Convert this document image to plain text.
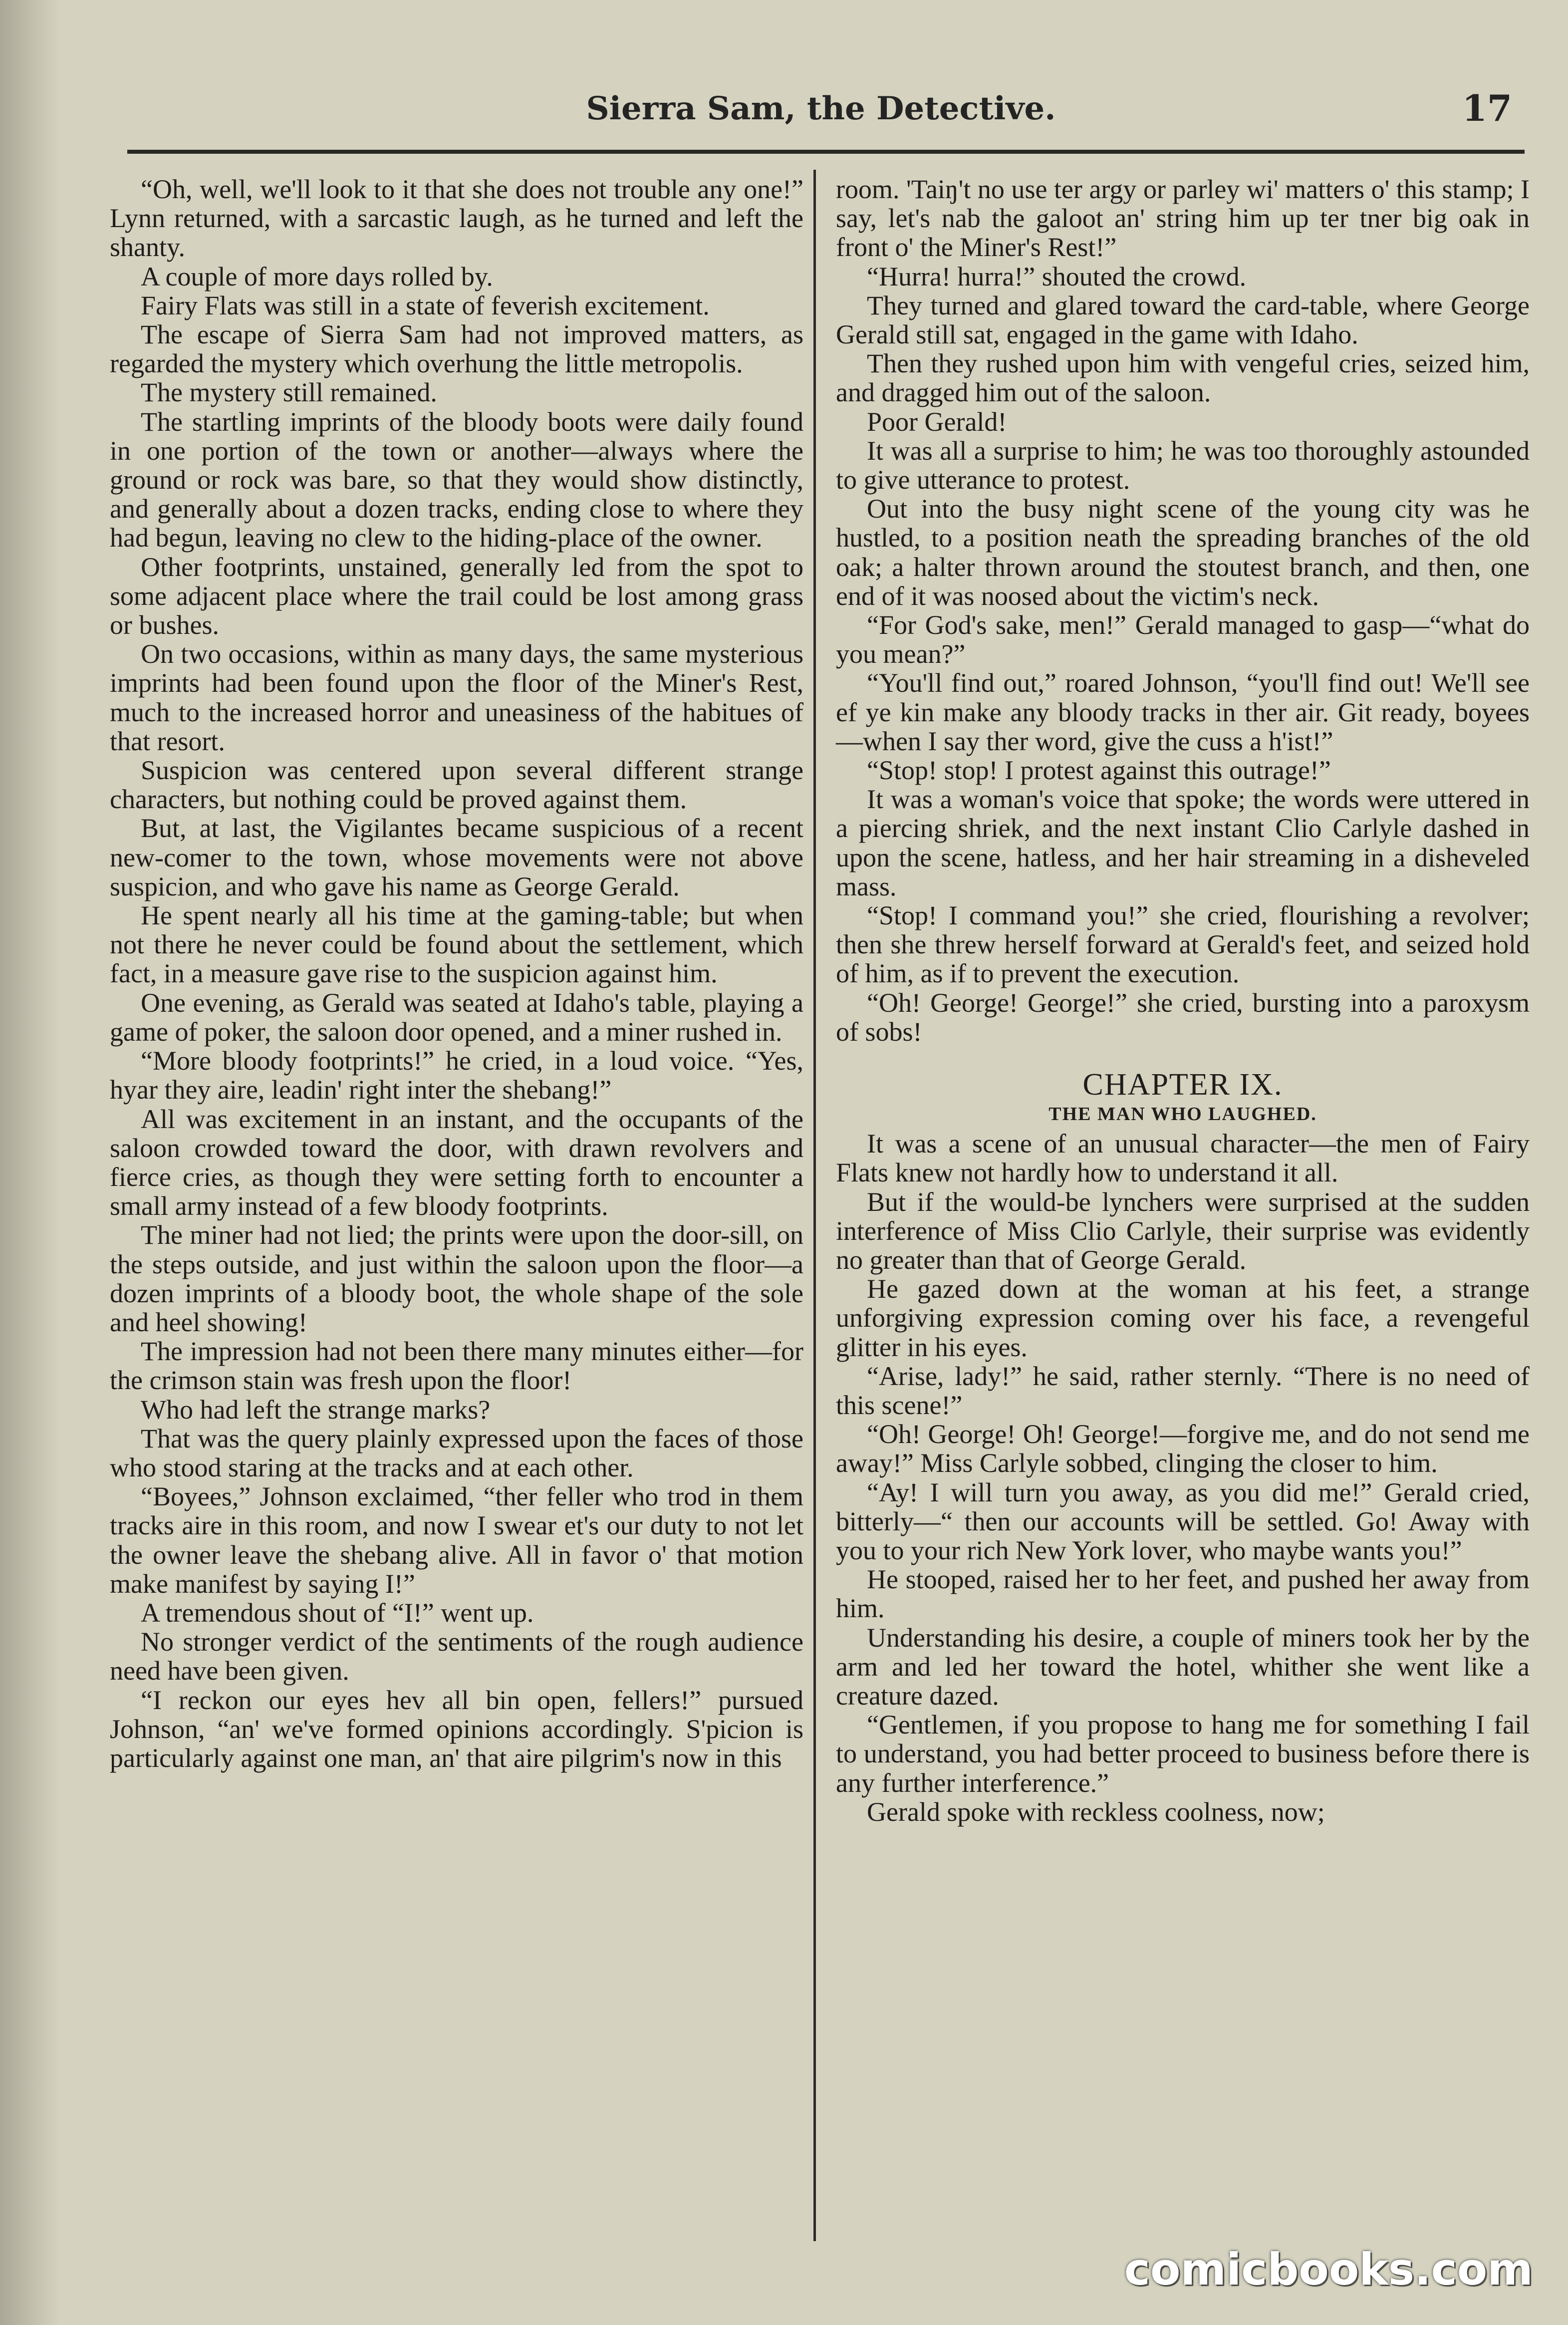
Sierra Sam, the Detective.	17

“Oh, well, we'll look to it that she does not trouble any one!” Lynn returned, with a sarcastic laugh, as he turned and left the shanty.

A couple of more days rolled by.

Fairy Flats was still in a state of feverish excitement.

The escape of Sierra Sam had not improved matters, as regarded the mystery which overhung the little metropolis.

The mystery still remained.

The startling imprints of the bloody boots were daily found in one portion of the town or another—always where the ground or rock was bare, so that they would show distinctly, and generally about a dozen tracks, ending close to where they had begun, leaving no clew to the hiding-place of the owner.

Other footprints, unstained, generally led from the spot to some adjacent place where the trail could be lost among grass or bushes.

On two occasions, within as many days, the same mysterious imprints had been found upon the floor of the Miner's Rest, much to the increased horror and uneasiness of the habitues of that resort.

Suspicion was centered upon several different strange characters, but nothing could be proved against them.

But, at last, the Vigilantes became suspicious of a recent new-comer to the town, whose movements were not above suspicion, and who gave his name as George Gerald.

He spent nearly all his time at the gaming-table; but when not there he never could be found about the settlement, which fact, in a measure gave rise to the suspicion against him.

One evening, as Gerald was seated at Idaho's table, playing a game of poker, the saloon door opened, and a miner rushed in.

“More bloody footprints!” he cried, in a loud voice. “Yes, hyar they aire, leadin' right inter the shebang!”

All was excitement in an instant, and the occupants of the saloon crowded toward the door, with drawn revolvers and fierce cries, as though they were setting forth to encounter a small army instead of a few bloody footprints.

The miner had not lied; the prints were upon the door-sill, on the steps outside, and just within the saloon upon the floor—a dozen imprints of a bloody boot, the whole shape of the sole and heel showing!

The impression had not been there many minutes either—for the crimson stain was fresh upon the floor!

Who had left the strange marks?

That was the query plainly expressed upon the faces of those who stood staring at the tracks and at each other.

“Boyees,” Johnson exclaimed, “ther feller who trod in them tracks aire in this room, and now I swear et's our duty to not let the owner leave the shebang alive. All in favor o' that motion make manifest by saying I!”

A tremendous shout of “I!” went up.

No stronger verdict of the sentiments of the rough audience need have been given.

“I reckon our eyes hev all bin open, fellers!” pursued Johnson, “an' we've formed opinions accordingly. S'picion is particularly against one man, an' that aire pilgrim's now in this

room. 'Taiŋ't no use ter argy or parley wi' matters o' this stamp; I say, let's nab the galoot an' string him up ter tner big oak in front o' the Miner's Rest!”

“Hurra! hurra!” shouted the crowd.

They turned and glared toward the card-table, where George Gerald still sat, engaged in the game with Idaho.

Then they rushed upon him with vengeful cries, seized him, and dragged him out of the saloon.

Poor Gerald!

It was all a surprise to him; he was too thoroughly astounded to give utterance to protest.

Out into the busy night scene of the young city was he hustled, to a position neath the spreading branches of the old oak; a halter thrown around the stoutest branch, and then, one end of it was noosed about the victim's neck.

“For God's sake, men!” Gerald managed to gasp—“what do you mean?”

“You'll find out,” roared Johnson, “you'll find out! We'll see ef ye kin make any bloody tracks in ther air. Git ready, boyees—when I say ther word, give the cuss a h'ist!”

“Stop! stop! I protest against this outrage!”

It was a woman's voice that spoke; the words were uttered in a piercing shriek, and the next instant Clio Carlyle dashed in upon the scene, hatless, and her hair streaming in a disheveled mass.

“Stop! I command you!” she cried, flourishing a revolver; then she threw herself forward at Gerald's feet, and seized hold of him, as if to prevent the execution.

“Oh! George! George!” she cried, bursting into a paroxysm of sobs!

CHAPTER IX.
THE MAN WHO LAUGHED.

It was a scene of an unusual character—the men of Fairy Flats knew not hardly how to understand it all.

But if the would-be lynchers were surprised at the sudden interference of Miss Clio Carlyle, their surprise was evidently no greater than that of George Gerald.

He gazed down at the woman at his feet, a strange unforgiving expression coming over his face, a revengeful glitter in his eyes.

“Arise, lady!” he said, rather sternly. “There is no need of this scene!”

“Oh! George! Oh! George!—forgive me, and do not send me away!” Miss Carlyle sobbed, clinging the closer to him.

“Ay! I will turn you away, as you did me!” Gerald cried, bitterly—“ then our accounts will be settled. Go! Away with you to your rich New York lover, who maybe wants you!”

He stooped, raised her to her feet, and pushed her away from him.

Understanding his desire, a couple of miners took her by the arm and led her toward the hotel, whither she went like a creature dazed.

“Gentlemen, if you propose to hang me for something I fail to understand, you had better proceed to business before there is any further interference.”

Gerald spoke with reckless coolness, now;

comicbooks.com
